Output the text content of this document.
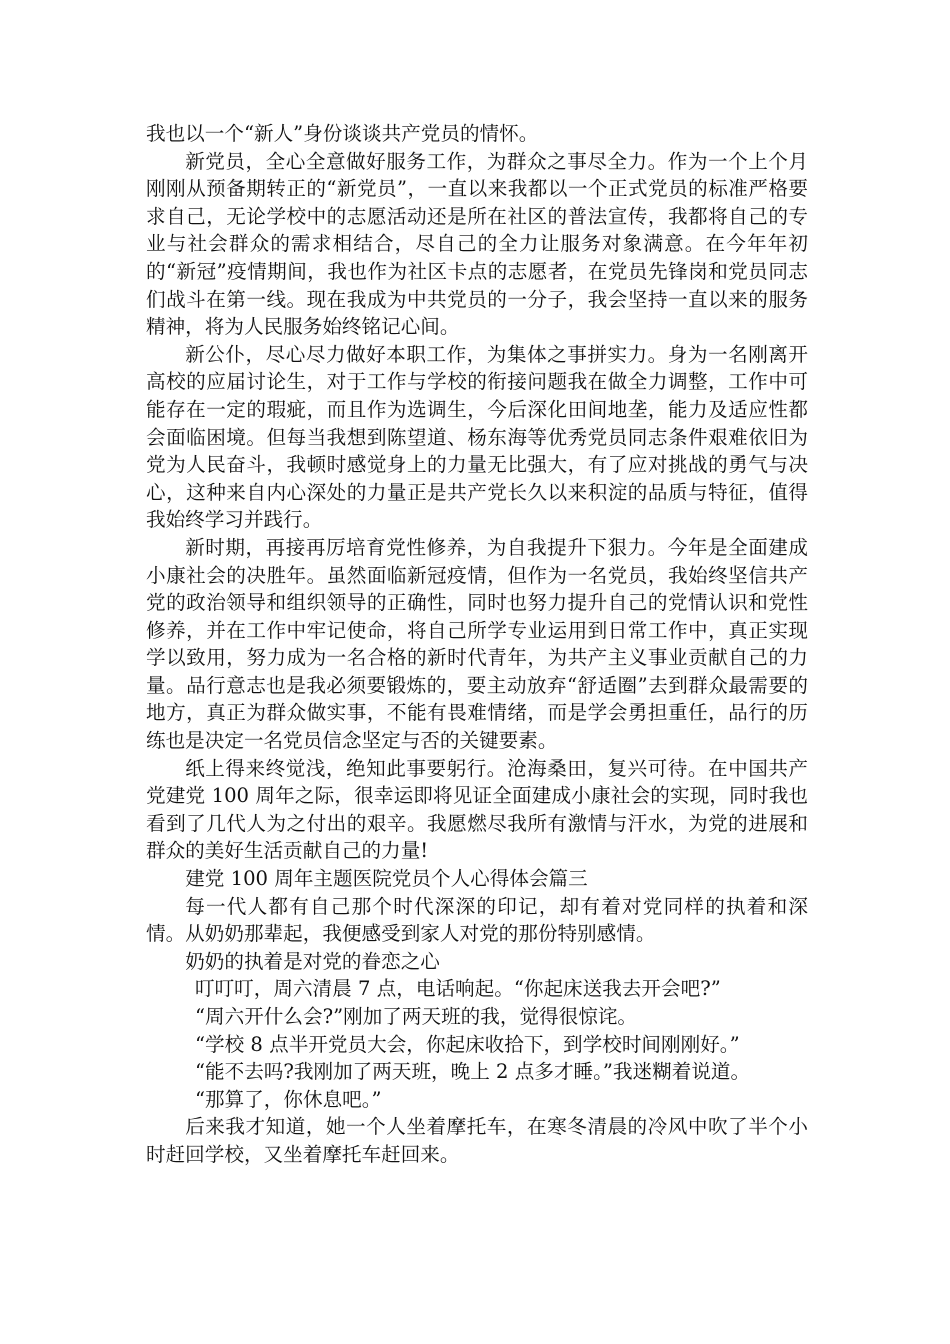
我也以一个“新人”身份谈谈共产党员的情怀。

新党员，全心全意做好服务工作，为群众之事尽全力。作为一个上个月刚刚从预备期转正的“新党员”，一直以来我都以一个正式党员的标准严格要求自己，无论学校中的志愿活动还是所在社区的普法宣传，我都将自己的专业与社会群众的需求相结合，尽自己的全力让服务对象满意。在今年年初的“新冠”疫情期间，我也作为社区卡点的志愿者，在党员先锋岗和党员同志们战斗在第一线。现在我成为中共党员的一分子，我会坚持一直以来的服务精神，将为人民服务始终铭记心间。

新公仆，尽心尽力做好本职工作，为集体之事拼实力。身为一名刚离开高校的应届讨论生，对于工作与学校的衔接问题我在做全力调整，工作中可能存在一定的瑕疵，而且作为选调生，今后深化田间地垄，能力及适应性都会面临困境。但每当我想到陈望道、杨东海等优秀党员同志条件艰难依旧为党为人民奋斗，我顿时感觉身上的力量无比强大，有了应对挑战的勇气与决心，这种来自内心深处的力量正是共产党长久以来积淀的品质与特征，值得我始终学习并践行。

新时期，再接再厉培育党性修养，为自我提升下狠力。今年是全面建成小康社会的决胜年。虽然面临新冠疫情，但作为一名党员，我始终坚信共产党的政治领导和组织领导的正确性，同时也努力提升自己的党情认识和党性修养，并在工作中牢记使命，将自己所学专业运用到日常工作中，真正实现学以致用，努力成为一名合格的新时代青年，为共产主义事业贡献自己的力量。品行意志也是我必须要锻炼的，要主动放弃“舒适圈”去到群众最需要的地方，真正为群众做实事，不能有畏难情绪，而是学会勇担重任，品行的历练也是决定一名党员信念坚定与否的关键要素。

纸上得来终觉浅，绝知此事要躬行。沧海桑田，复兴可待。在中国共产党建党 100 周年之际，很幸运即将见证全面建成小康社会的实现，同时我也看到了几代人为之付出的艰辛。我愿燃尽我所有激情与汗水，为党的进展和群众的美好生活贡献自己的力量!

建党 100 周年主题医院党员个人心得体会篇三

每一代人都有自己那个时代深深的印记，却有着对党同样的执着和深情。从奶奶那辈起，我便感受到家人对党的那份特别感情。

奶奶的执着是对党的眷恋之心

叮叮叮，周六清晨 7 点，电话响起。“你起床送我去开会吧?”

“周六开什么会?”刚加了两天班的我，觉得很惊诧。

“学校 8 点半开党员大会，你起床收拾下，到学校时间刚刚好。”

“能不去吗?我刚加了两天班，晚上 2 点多才睡。”我迷糊着说道。

“那算了，你休息吧。”

后来我才知道，她一个人坐着摩托车，在寒冬清晨的冷风中吹了半个小时赶回学校，又坐着摩托车赶回来。
